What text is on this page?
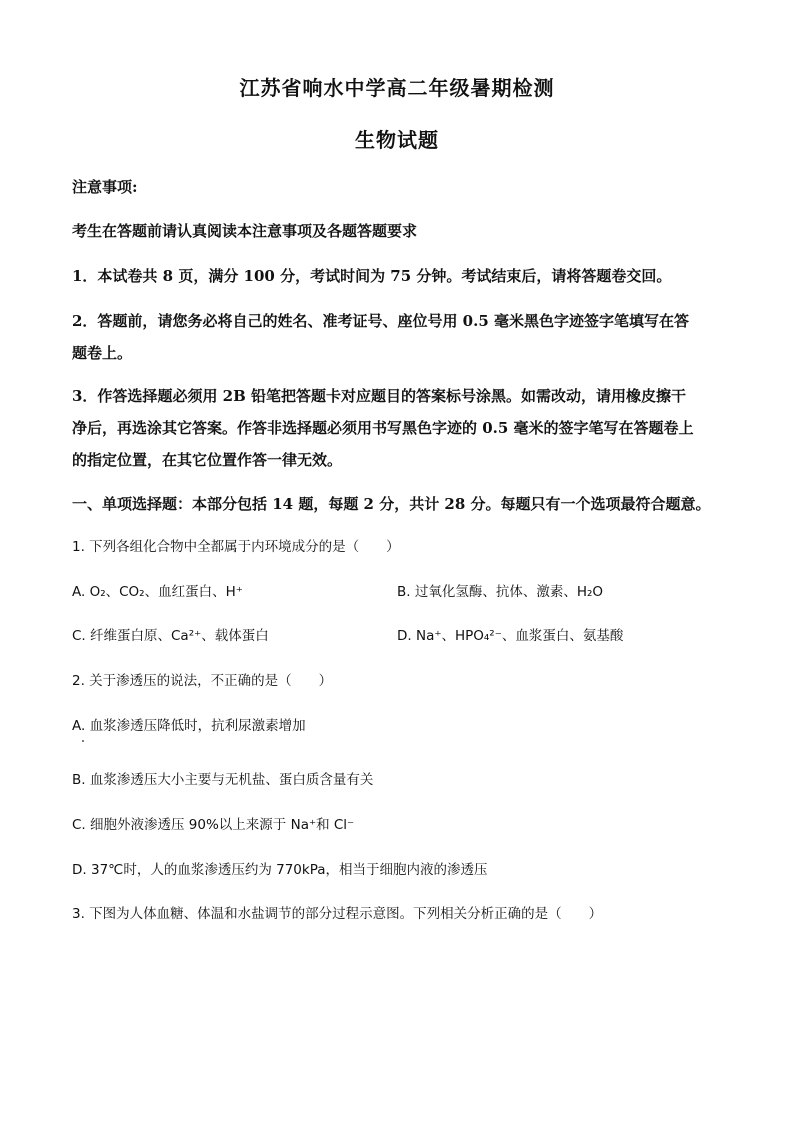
江苏省响水中学高二年级暑期检测
生物试题
注意事项:
考生在答题前请认真阅读本注意事项及各题答题要求
1．本试卷共 8 页，满分 100 分，考试时间为 75 分钟。考试结束后，请将答题卷交回。
2．答题前，请您务必将自己的姓名、准考证号、座位号用 0.5 毫米黑色字迹签字笔填写在答
题卷上。
3．作答选择题必须用 2B 铅笔把答题卡对应题目的答案标号涂黑。如需改动，请用橡皮擦干
净后，再选涂其它答案。作答非选择题必须用书写黑色字迹的 0.5 毫米的签字笔写在答题卷上
的指定位置，在其它位置作答一律无效。
一、单项选择题：本部分包括 14 题，每题 2 分，共计 28 分。每题只有一个选项最符合题意。
1. 下列各组化合物中全都属于内环境成分的是（　　）
A. O₂、CO₂、血红蛋白、H⁺	B. 过氧化氢酶、抗体、激素、H₂O
C. 纤维蛋白原、Ca²⁺、载体蛋白	D. Na⁺、HPO₄²⁻、血浆蛋白、氨基酸
2. 关于渗透压的说法，不正确的是（　　）
A. 血浆渗透压降低时，抗利尿激素增加
B. 血浆渗透压大小主要与无机盐、蛋白质含量有关
C. 细胞外液渗透压 90%以上来源于 Na⁺和 Cl⁻
D. 37℃时，人的血浆渗透压约为 770kPa，相当于细胞内液的渗透压
3. 下图为人体血糖、体温和水盐调节的部分过程示意图。下列相关分析正确的是（　　）
